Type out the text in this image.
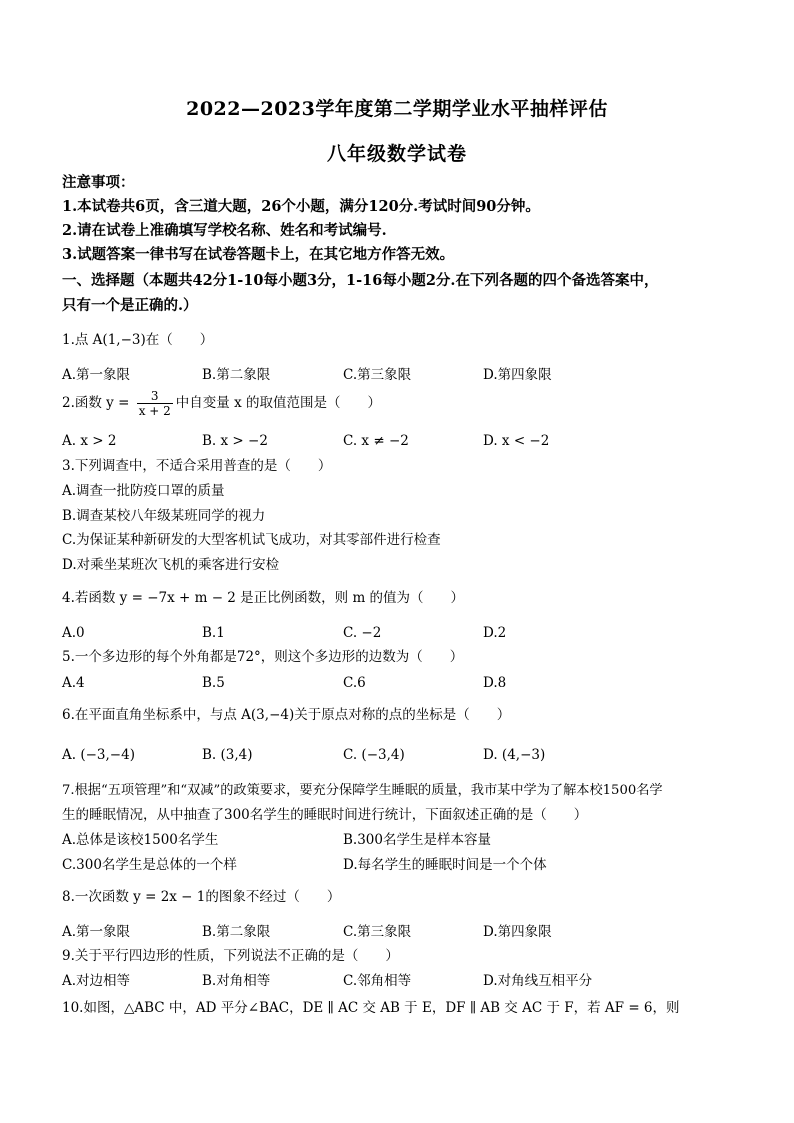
2022—2023学年度第二学期学业水平抽样评估
八年级数学试卷
注意事项：
1.本试卷共6页，含三道大题，26个小题，满分120分.考试时间90分钟。
2.请在试卷上准确填写学校名称、姓名和考试编号.
3.试题答案一律书写在试卷答题卡上，在其它地方作答无效。
一、选择题（本题共42分1-10每小题3分，1-16每小题2分.在下列各题的四个备选答案中，
只有一个是正确的.）
1.点 A(1,−3)在（　　）
A.第一象限	B.第二象限	C.第三象限	D.第四象限
2.函数 $y = \frac{3}{x + 2}$ 中自变量 x 的取值范围是（　　）
A. x > 2	B. x > −2	C. x ≠ −2	D. x < −2
3.下列调查中，不适合采用普查的是（　　）
A.调查一批防疫口罩的质量
B.调查某校八年级某班同学的视力
C.为保证某种新研发的大型客机试飞成功，对其零部件进行检查
D.对乘坐某班次飞机的乘客进行安检
4.若函数 y = −7x + m − 2 是正比例函数，则 m 的值为（　　）
A.0	B.1	C. −2	D.2
5.一个多边形的每个外角都是72°，则这个多边形的边数为（　　）
A.4	B.5	C.6	D.8
6.在平面直角坐标系中，与点 A(3,−4)关于原点对称的点的坐标是（　　）
A. (−3,−4)	B. (3,4)	C. (−3,4)	D. (4,−3)
7.根据“五项管理”和“双减”的政策要求，要充分保障学生睡眠的质量，我市某中学为了解本校1500名学
生的睡眠情况，从中抽查了300名学生的睡眠时间进行统计，下面叙述正确的是（　　）
A.总体是该校1500名学生	B.300名学生是样本容量
C.300名学生是总体的一个样	D.每名学生的睡眠时间是一个个体
8.一次函数 y = 2x − 1的图象不经过（　　）
A.第一象限	B.第二象限	C.第三象限	D.第四象限
9.关于平行四边形的性质，下列说法不正确的是（　　）
A.对边相等	B.对角相等	C.邻角相等	D.对角线互相平分
10.如图，△ABC 中，AD 平分∠BAC，DE ∥ AC 交 AB 于 E，DF ∥ AB 交 AC 于 F，若 AF = 6，则
